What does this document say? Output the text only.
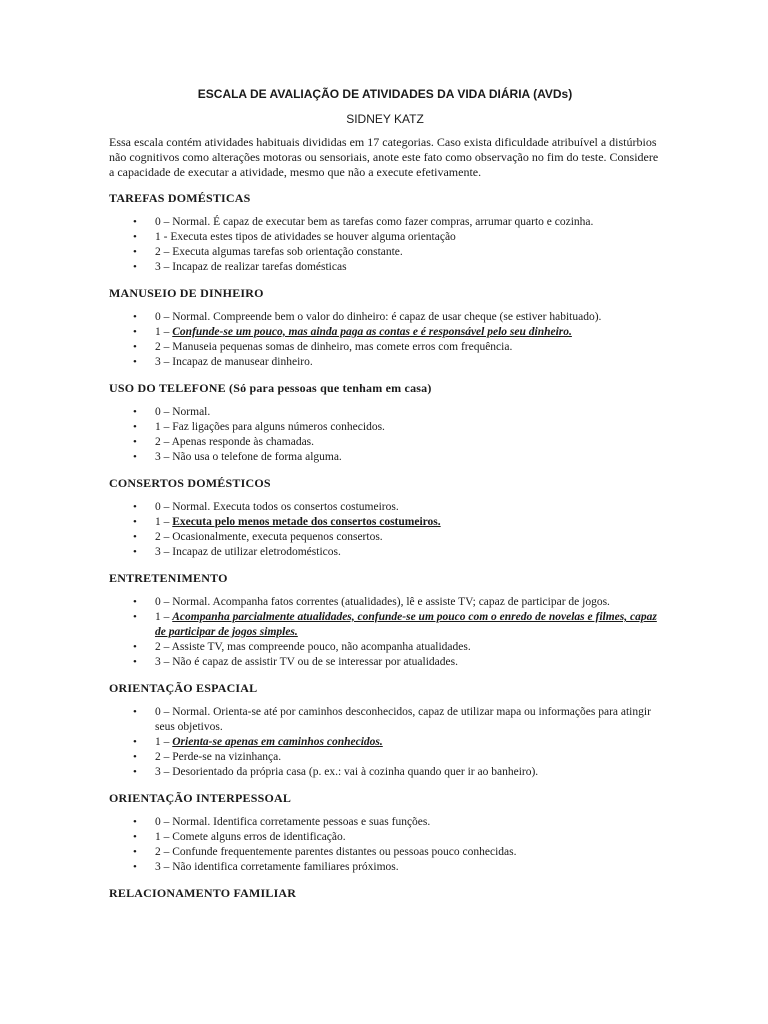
ESCALA DE AVALIAÇÃO DE ATIVIDADES DA VIDA DIÁRIA (AVDs)

SIDNEY KATZ

Essa escala contém atividades habituais divididas em 17 categorias. Caso exista dificuldade atribuível a distúrbios não cognitivos como alterações motoras ou sensoriais, anote este fato como observação no fim do teste. Considere a capacidade de executar a atividade, mesmo que não a execute efetivamente.

TAREFAS DOMÉSTICAS
• 0 – Normal. É capaz de executar bem as tarefas como fazer compras, arrumar quarto e cozinha.
• 1 - Executa estes tipos de atividades se houver alguma orientação
• 2 – Executa algumas tarefas sob orientação constante.
• 3 – Incapaz de realizar tarefas domésticas
MANUSEIO DE DINHEIRO
• 0 – Normal. Compreende bem o valor do dinheiro: é capaz de usar cheque (se estiver habituado).
• 1 – Confunde-se um pouco, mas ainda paga as contas e é responsável pelo seu dinheiro.
• 2 – Manuseia pequenas somas de dinheiro, mas comete erros com frequência.
• 3 – Incapaz de manusear dinheiro.
USO DO TELEFONE (Só para pessoas que tenham em casa)
• 0 – Normal.
• 1 – Faz ligações para alguns números conhecidos.
• 2 – Apenas responde às chamadas.
• 3 – Não usa o telefone de forma alguma.
CONSERTOS DOMÉSTICOS
• 0 – Normal. Executa todos os consertos costumeiros.
• 1 – Executa pelo menos metade dos consertos costumeiros.
• 2 – Ocasionalmente, executa pequenos consertos.
• 3 – Incapaz de utilizar eletrodomésticos.
ENTRETENIMENTO
• 0 – Normal. Acompanha fatos correntes (atualidades), lê e assiste TV; capaz de participar de jogos.
• 1 – Acompanha parcialmente atualidades, confunde-se um pouco com o enredo de novelas e filmes, capaz de participar de jogos simples.
• 2 – Assiste TV, mas compreende pouco, não acompanha atualidades.
• 3 – Não é capaz de assistir TV ou de se interessar por atualidades.
ORIENTAÇÃO ESPACIAL
• 0 – Normal. Orienta-se até por caminhos desconhecidos, capaz de utilizar mapa ou informações para atingir seus objetivos.
• 1 – Orienta-se apenas em caminhos conhecidos.
• 2 – Perde-se na vizinhança.
• 3 – Desorientado da própria casa (p. ex.: vai à cozinha quando quer ir ao banheiro).
ORIENTAÇÃO INTERPESSOAL
• 0 – Normal. Identifica corretamente pessoas e suas funções.
• 1 – Comete alguns erros de identificação.
• 2 – Confunde frequentemente parentes distantes ou pessoas pouco conhecidas.
• 3 – Não identifica corretamente familiares próximos.
RELACIONAMENTO FAMILIAR
